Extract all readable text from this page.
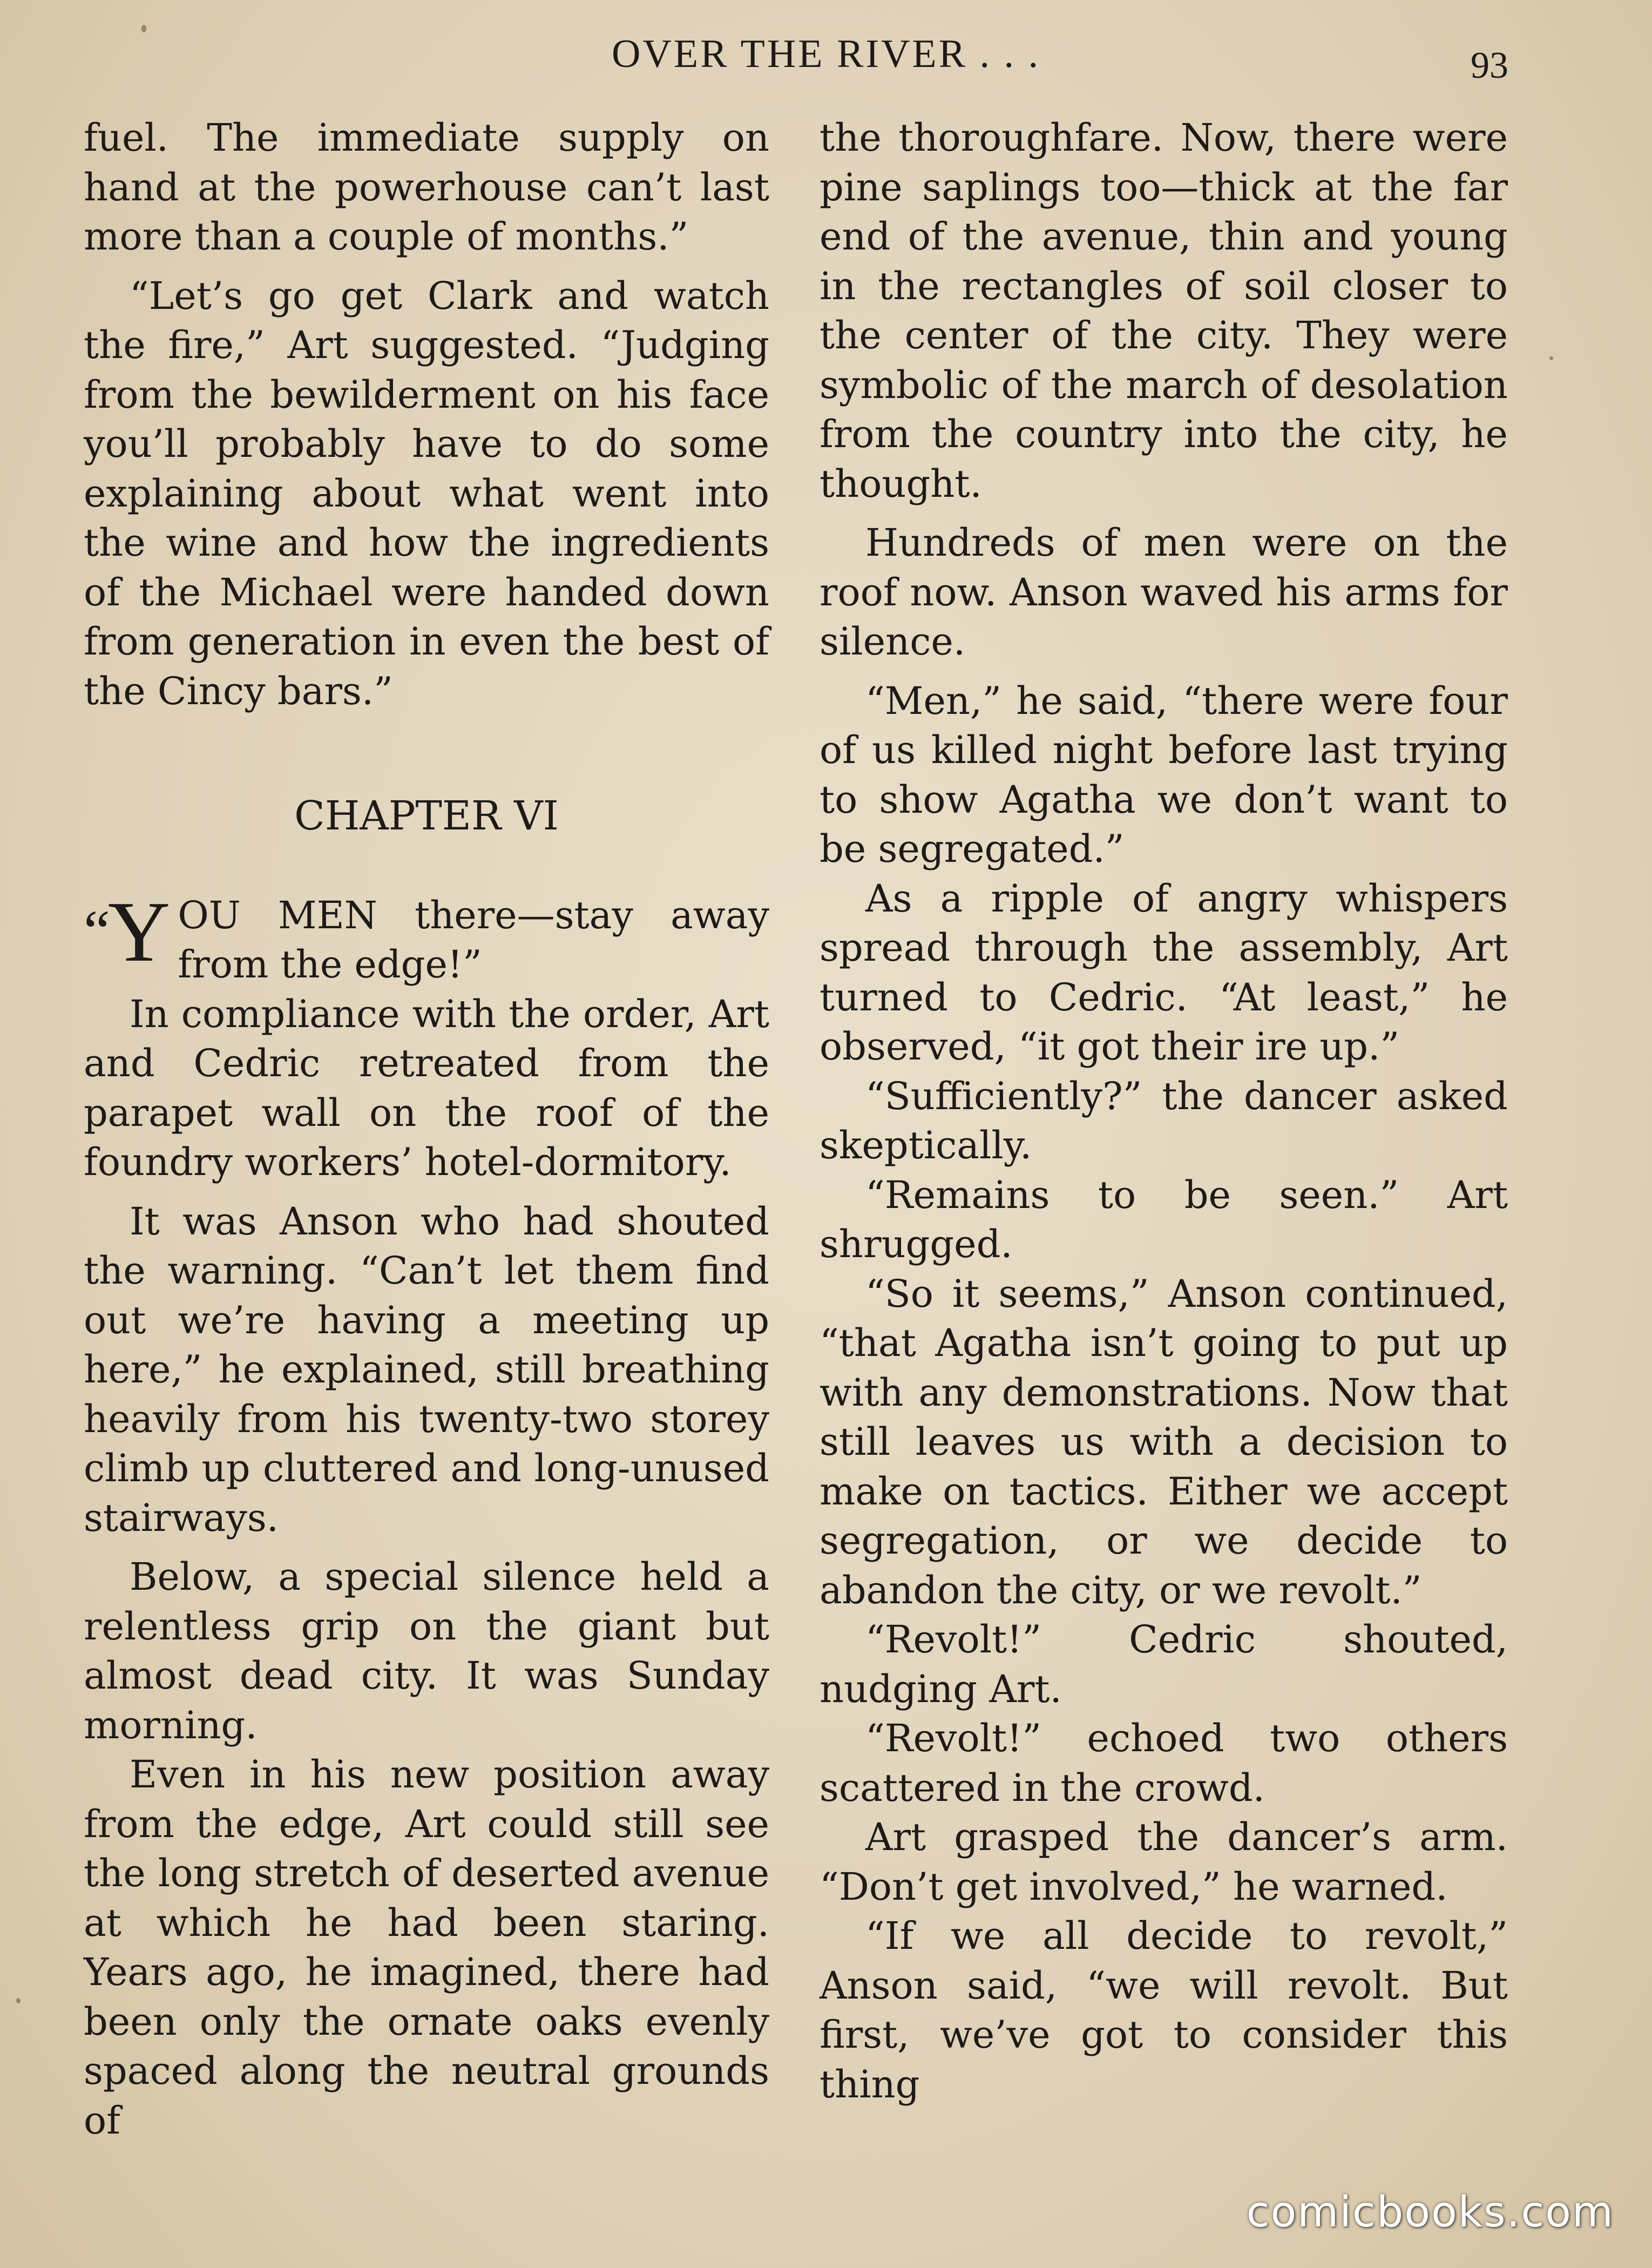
OVER THE RIVER . . .	93

fuel. The immediate supply on hand at the powerhouse can’t last more than a couple of months.”

“Let’s go get Clark and watch the fire,” Art suggested. “Judging from the bewilderment on his face you’ll probably have to do some explaining about what went into the wine and how the ingredients of the Michael were handed down from generation in even the best of the Cincy bars.”

CHAPTER VI

“Y OU MEN there—stay away from the edge!”

In compliance with the order, Art and Cedric retreated from the parapet wall on the roof of the foundry workers’ hotel-dormitory.

It was Anson who had shouted the warning. “Can’t let them find out we’re having a meeting up here,” he explained, still breathing heavily from his twenty-two storey climb up cluttered and long-unused stairways.

Below, a special silence held a relentless grip on the giant but almost dead city. It was Sunday morning.

Even in his new position away from the edge, Art could still see the long stretch of deserted avenue at which he had been staring. Years ago, he imagined, there had been only the ornate oaks evenly spaced along the neutral grounds of

the thoroughfare. Now, there were pine saplings too—thick at the far end of the avenue, thin and young in the rectangles of soil closer to the center of the city. They were symbolic of the march of desolation from the country into the city, he thought.

Hundreds of men were on the roof now. Anson waved his arms for silence.

“Men,” he said, “there were four of us killed night before last trying to show Agatha we don’t want to be segregated.”

As a ripple of angry whispers spread through the assembly, Art turned to Cedric. “At least,” he observed, “it got their ire up.”

“Sufficiently?” the dancer asked skeptically.

“Remains to be seen.” Art shrugged.

“So it seems,” Anson continued, “that Agatha isn’t going to put up with any demonstrations. Now that still leaves us with a decision to make on tactics. Either we accept segregation, or we decide to abandon the city, or we revolt.”

“Revolt!” Cedric shouted, nudging Art.

“Revolt!” echoed two others scattered in the crowd.

Art grasped the dancer’s arm. “Don’t get involved,” he warned.

“If we all decide to revolt,” Anson said, “we will revolt. But first, we’ve got to consider this thing

comicbooks.com
